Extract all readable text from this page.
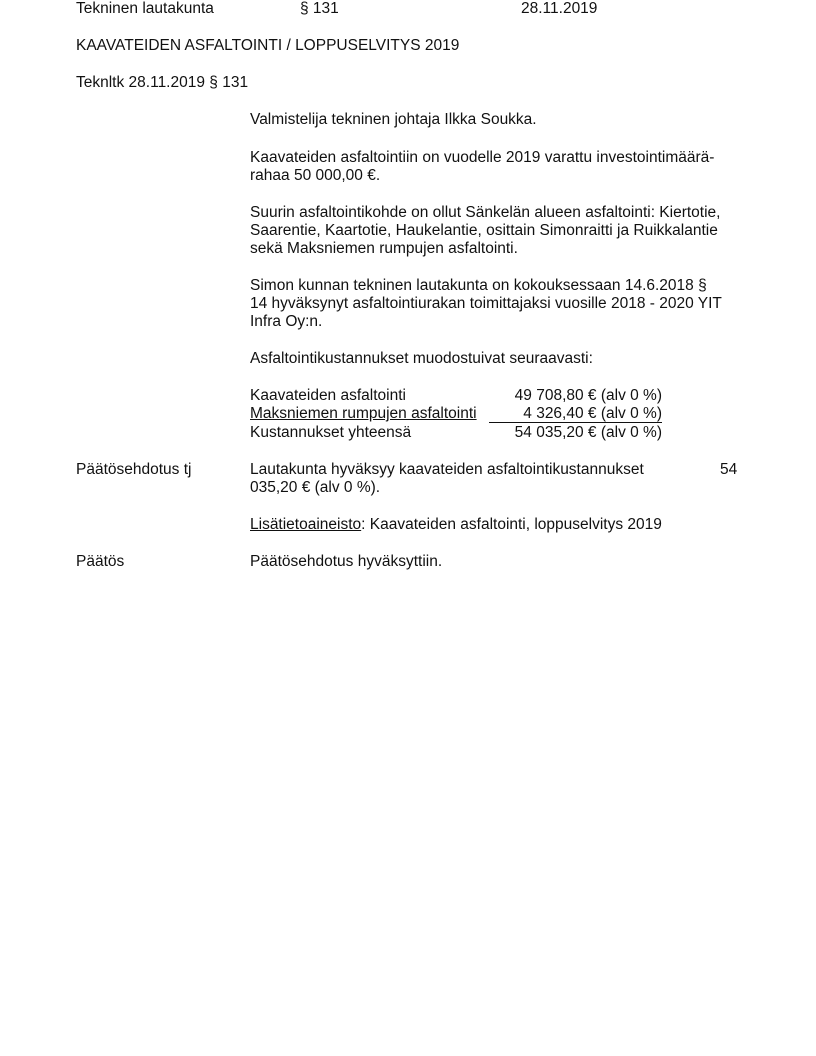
Tekninen lautakunta	§ 131	28.11.2019
KAAVATEIDEN ASFALTOINTI / LOPPUSELVITYS 2019
Teknltk 28.11.2019 § 131
Valmistelija tekninen johtaja Ilkka Soukka.
Kaavateiden asfaltointiin on vuodelle 2019 varattu investointimäärä-
rahaa 50 000,00 €.
Suurin asfaltointikohde on ollut Sänkelän alueen asfaltointi: Kiertotie,
Saarentie, Kaartotie, Haukelantie, osittain Simonraitti ja Ruikkalantie
sekä Maksniemen rumpujen asfaltointi.
Simon kunnan tekninen lautakunta on kokouksessaan 14.6.2018 §
14 hyväksynyt asfaltointiurakan toimittajaksi vuosille 2018 - 2020 YIT
Infra Oy:n.
Asfaltointikustannukset muodostuivat seuraavasti:
Kaavateiden asfaltointi	49 708,80 € (alv 0 %)
Maksniemen rumpujen asfaltointi	4 326,40 € (alv 0 %)
Kustannukset yhteensä	54 035,20 € (alv 0 %)
Päätösehdotus tj	Lautakunta hyväksyy kaavateiden asfaltointikustannukset	54
035,20 € (alv 0 %).
Lisätietoaineisto: Kaavateiden asfaltointi, loppuselvitys 2019
Päätös	Päätösehdotus hyväksyttiin.
